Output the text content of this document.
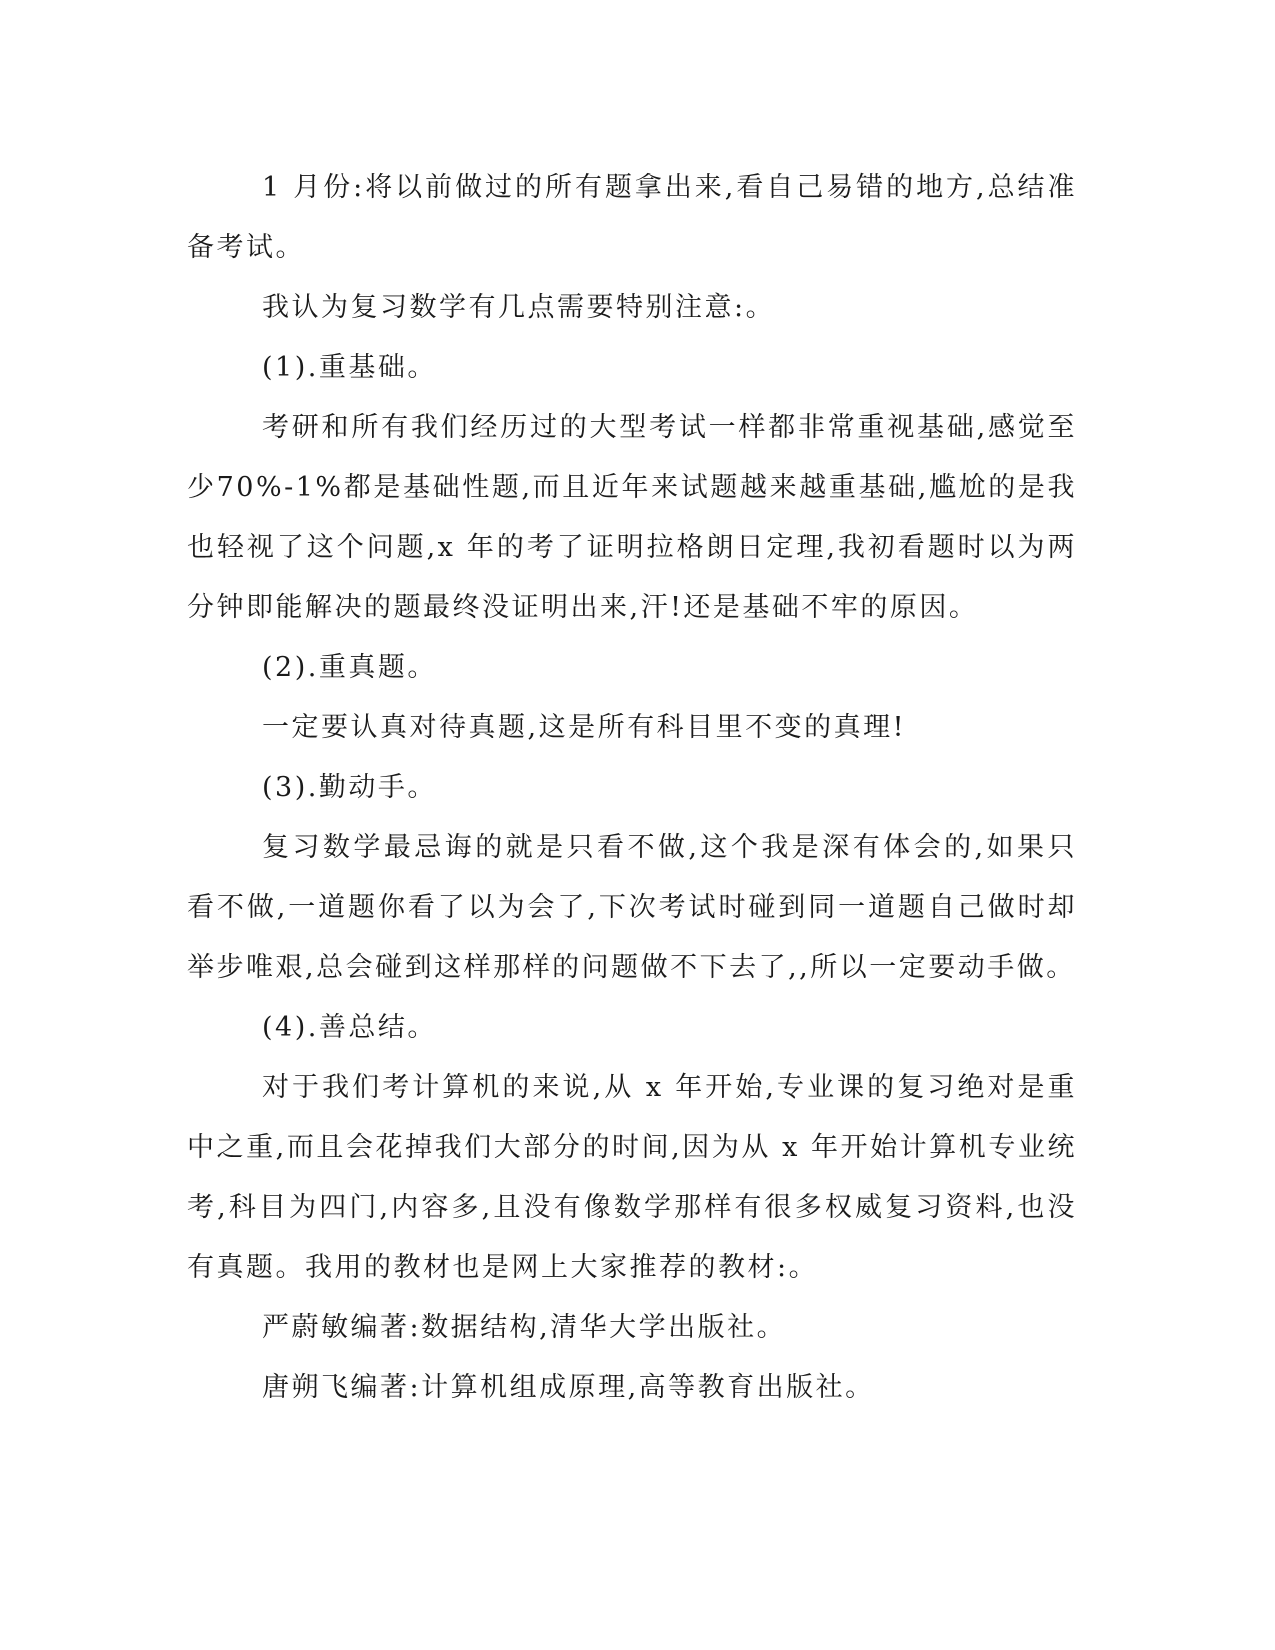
1 月份:将以前做过的所有题拿出来,看自己易错的地方,总结准备考试。

我认为复习数学有几点需要特别注意:。

(1).重基础。

考研和所有我们经历过的大型考试一样都非常重视基础,感觉至少70%-1%都是基础性题,而且近年来试题越来越重基础,尴尬的是我也轻视了这个问题,x 年的考了证明拉格朗日定理,我初看题时以为两分钟即能解决的题最终没证明出来,汗!还是基础不牢的原因。

(2).重真题。

一定要认真对待真题,这是所有科目里不变的真理!

(3).勤动手。

复习数学最忌诲的就是只看不做,这个我是深有体会的,如果只看不做,一道题你看了以为会了,下次考试时碰到同一道题自己做时却举步唯艰,总会碰到这样那样的问题做不下去了,,所以一定要动手做。

(4).善总结。

对于我们考计算机的来说,从 x 年开始,专业课的复习绝对是重中之重,而且会花掉我们大部分的时间,因为从 x 年开始计算机专业统考,科目为四门,内容多,且没有像数学那样有很多权威复习资料,也没有真题。我用的教材也是网上大家推荐的教材:。

严蔚敏编著:数据结构,清华大学出版社。

唐朔飞编著:计算机组成原理,高等教育出版社。
